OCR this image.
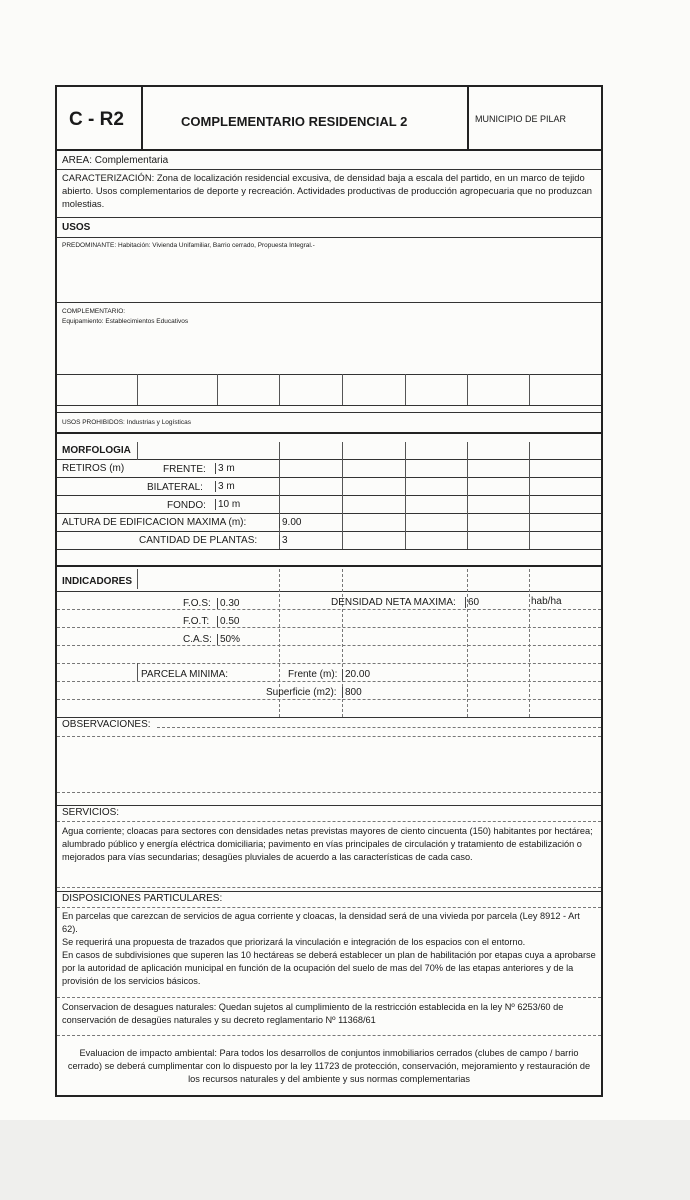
C - R2	COMPLEMENTARIO RESIDENCIAL 2	MUNICIPIO DE PILAR
AREA: Complementaria
CARACTERIZACIÓN: Zona de localización residencial excusiva, de densidad baja a escala del partido, en un marco de tejido abierto. Usos complementarios de deporte y recreación. Actividades productivas de producción agropecuaria que no produzcan molestias.
USOS
PREDOMINANTE: Habitación: Vivienda Unifamiliar, Barrio cerrado, Propuesta Integral.-
COMPLEMENTARIO:
Equipamiento: Establecimientos Educativos
USOS PROHIBIDOS: Industrias y Logísticas
MORFOLOGIA
RETIROS (m)	FRENTE:	3 m
BILATERAL:	3 m
FONDO:	10 m
ALTURA DE EDIFICACION MAXIMA (m):	9.00
CANTIDAD DE PLANTAS:	3
INDICADORES
F.O.S: 0.30	DENSIDAD NETA MAXIMA:	60	hab/ha
F.O.T:	0.50
C.A.S: 50%
PARCELA MINIMA:	Frente (m): 20.00
Superficie (m2): 800
OBSERVACIONES:
SERVICIOS:
Agua corriente; cloacas para sectores con densidades netas previstas mayores de ciento cincuenta (150) habitantes por hectárea; alumbrado público y energía eléctrica domiciliaria; pavimento en vías principales de circulación y tratamiento de estabilización o mejorados para vías secundarias; desagües pluviales de acuerdo a las características de cada caso.
DISPOSICIONES PARTICULARES:
En parcelas que carezcan de servicios de agua corriente y cloacas, la densidad será de una vivieda por parcela (Ley 8912 - Art 62).
Se requerirá una propuesta de trazados que priorizará la vinculación e integración de los espacios con el entorno.
En casos de subdivisiones que superen las 10 hectáreas se deberá establecer un plan de habilitación por etapas cuya a aprobarse por la autoridad de aplicación municipal en función de la ocupación del suelo de mas del 70% de las etapas anteriores y de la provisión de los servicios básicos.
Conservacion de desagues naturales: Quedan sujetos al cumplimiento de la restricción establecida en la ley Nº 6253/60 de conservación de desagües naturales y su decreto reglamentario Nº 11368/61
Evaluacion de impacto ambiental: Para todos los desarrollos de conjuntos inmobiliarios cerrados (clubes de campo / barrio cerrado) se deberá cumplimentar con lo dispuesto por la ley 11723 de protección, conservación, mejoramiento y restauración de los recursos naturales y del ambiente y sus normas complementarias
